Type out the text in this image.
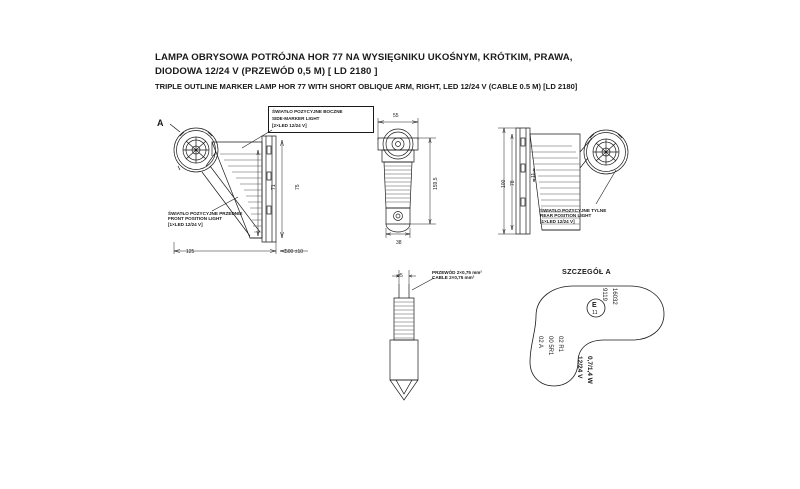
LAMPA OBRYSOWA POTRÓJNA HOR 77 NA WYSIĘGNIKU UKOŚNYM, KRÓTKIM, PRAWA,
DIODOWA 12/24 V (PRZEWÓD 0,5 M) [ LD 2180 ]
TRIPLE OUTLINE MARKER LAMP HOR 77 WITH SHORT OBLIQUE ARM, RIGHT, LED 12/24 V (CABLE 0.5 M) [LD 2180]
A
125	500 ±10
75
71
ŚWIATŁO POZYCYJNE PRZEDNIE
FRONT POSITION LIGHT
[1×LED 12/24 V]
ŚWIATŁO POZYCYJNE BOCZNE
SIDE-MARKER LIGHT
[2×LED 12/24 V]
55
38
159,5	100 78
11
ŚWIATŁO POZYCYJNE TYLNE
REAR POSITION LIGHT
[1×LED 12/24 V]
ø5
PRZEWÓD 2×0,75 mm²
CABLE 2×0,75 mm²
SZCZEGÓŁ A
E
11
9119 16032
02 A 00 5R1 02 R1
12/24 V 0,7/1,4 W
